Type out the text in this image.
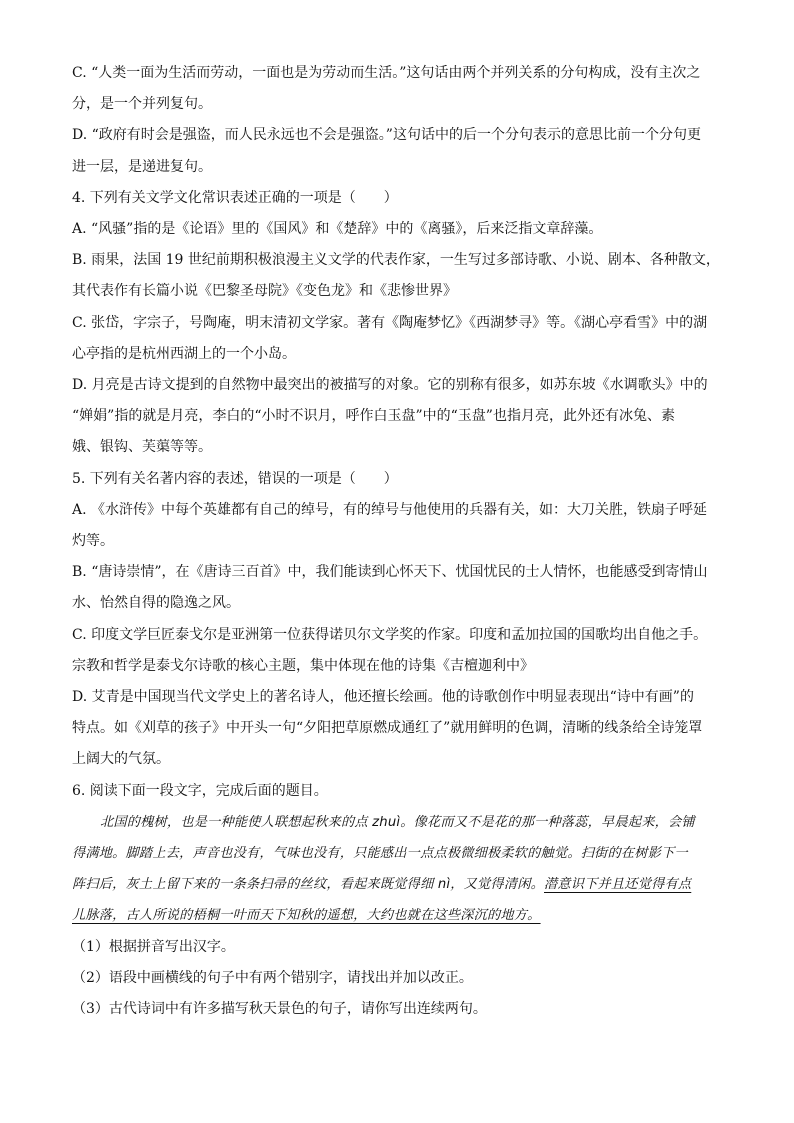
C. “人类一面为生活而劳动，一面也是为劳动而生活。”这句话由两个并列关系的分句构成，没有主次之

分，是一个并列复句。

D. “政府有时会是强盗，而人民永远也不会是强盗。”这句话中的后一个分句表示的意思比前一个分句更

进一层，是递进复句。

4. 下列有关文学文化常识表述正确的一项是（　　）

A. “风骚”指的是《论语》里的《国风》和《楚辞》中的《离骚》，后来泛指文章辞藻。

B. 雨果，法国 19 世纪前期积极浪漫主义文学的代表作家，一生写过多部诗歌、小说、剧本、各种散文，

其代表作有长篇小说《巴黎圣母院》《变色龙》和《悲惨世界》

C. 张岱，字宗子，号陶庵，明末清初文学家。著有《陶庵梦忆》《西湖梦寻》等。《湖心亭看雪》中的湖

心亭指的是杭州西湖上的一个小岛。

D. 月亮是古诗文提到的自然物中最突出的被描写的对象。它的别称有很多，如苏东坡《水调歌头》中的

“婵娟”指的就是月亮，李白的“小时不识月，呼作白玉盘”中的“玉盘”也指月亮，此外还有冰兔、素

娥、银钩、芙蕖等等。

5. 下列有关名著内容的表述，错误的一项是（　　）

A. 《水浒传》中每个英雄都有自己的绰号，有的绰号与他使用的兵器有关，如：大刀关胜，铁扇子呼延

灼等。

B. “唐诗崇情”，在《唐诗三百首》中，我们能读到心怀天下、忧国忧民的士人情怀，也能感受到寄情山

水、怡然自得的隐逸之风。

C. 印度文学巨匠泰戈尔是亚洲第一位获得诺贝尔文学奖的作家。印度和孟加拉国的国歌均出自他之手。

宗教和哲学是泰戈尔诗歌的核心主题，集中体现在他的诗集《吉檀迦利中》

D. 艾青是中国现当代文学史上的著名诗人，他还擅长绘画。他的诗歌创作中明显表现出“诗中有画”的

特点。如《刈草的孩子》中开头一句“夕阳把草原燃成通红了”就用鲜明的色调，清晰的线条给全诗笼罩

上阔大的气氛。

6. 阅读下面一段文字，完成后面的题目。

北国的槐树，也是一种能使人联想起秋来的点 zhuì。像花而又不是花的那一种落蕊，早晨起来，会铺

得满地。脚踏上去，声音也没有，气味也没有，只能感出一点点极微细极柔软的触觉。扫街的在树影下一

阵扫后，灰土上留下来的一条条扫帚的丝纹，看起来既觉得细 nì，又觉得清闲。潜意识下并且还觉得有点

儿脉落，古人所说的梧桐一叶而天下知秋的遥想，大约也就在这些深沉的地方。

（1）根据拼音写出汉字。

（2）语段中画横线的句子中有两个错别字，请找出并加以改正。

（3）古代诗词中有许多描写秋天景色的句子，请你写出连续两句。
